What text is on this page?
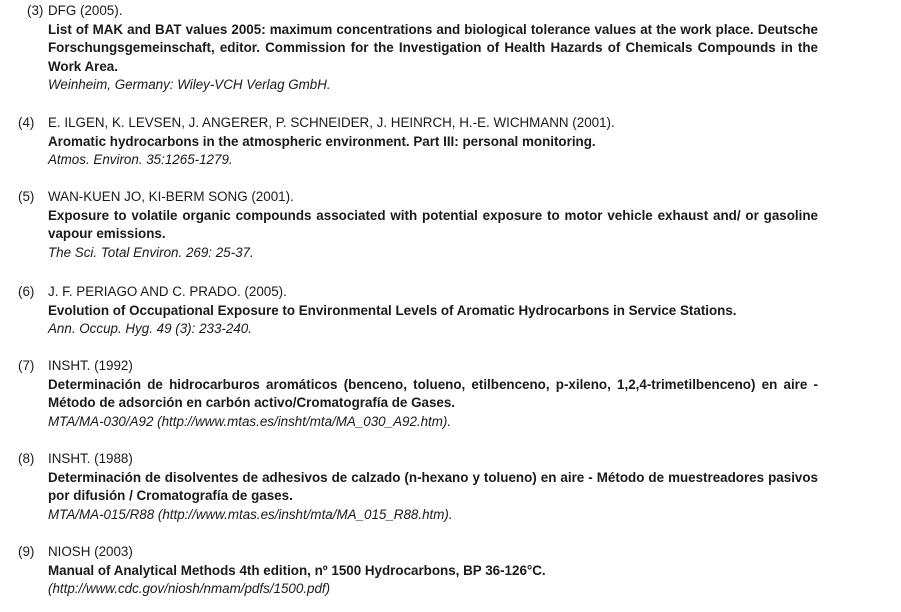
(3) DFG (2005).
List of MAK and BAT values 2005: maximum concentrations and biological tolerance values at the work place. Deutsche Forschungsgemeinschaft, editor. Commission for the Investigation of Health Hazards of Chemicals Compounds in the Work Area.
Weinheim, Germany: Wiley-VCH Verlag GmbH.
(4) E. ILGEN, K. LEVSEN, J. ANGERER, P. SCHNEIDER, J. HEINRCH, H.-E. WICHMANN (2001).
Aromatic hydrocarbons in the atmospheric environment. Part III: personal monitoring.
Atmos. Environ. 35:1265-1279.
(5) WAN-KUEN JO, KI-BERM SONG (2001).
Exposure to volatile organic compounds associated with potential exposure to motor vehicle exhaust and/ or gasoline vapour emissions.
The Sci. Total Environ. 269: 25-37.
(6) J. F. PERIAGO AND C. PRADO. (2005).
Evolution of Occupational Exposure to Environmental Levels of Aromatic Hydrocarbons in Service Stations.
Ann. Occup. Hyg. 49 (3): 233-240.
(7) INSHT. (1992)
Determinación de hidrocarburos aromáticos (benceno, tolueno, etilbenceno, p-xileno, 1,2,4-trimetilbenceno) en aire - Método de adsorción en carbón activo/Cromatografía de Gases.
MTA/MA-030/A92 (http://www.mtas.es/insht/mta/MA_030_A92.htm).
(8) INSHT. (1988)
Determinación de disolventes de adhesivos de calzado (n-hexano y tolueno) en aire - Método de muestreadores pasivos por difusión / Cromatografía de gases.
MTA/MA-015/R88 (http://www.mtas.es/insht/mta/MA_015_R88.htm).
(9) NIOSH (2003)
Manual of Analytical Methods 4th edition, nº 1500 Hydrocarbons, BP 36-126°C.
(http://www.cdc.gov/niosh/nmam/pdfs/1500.pdf)
